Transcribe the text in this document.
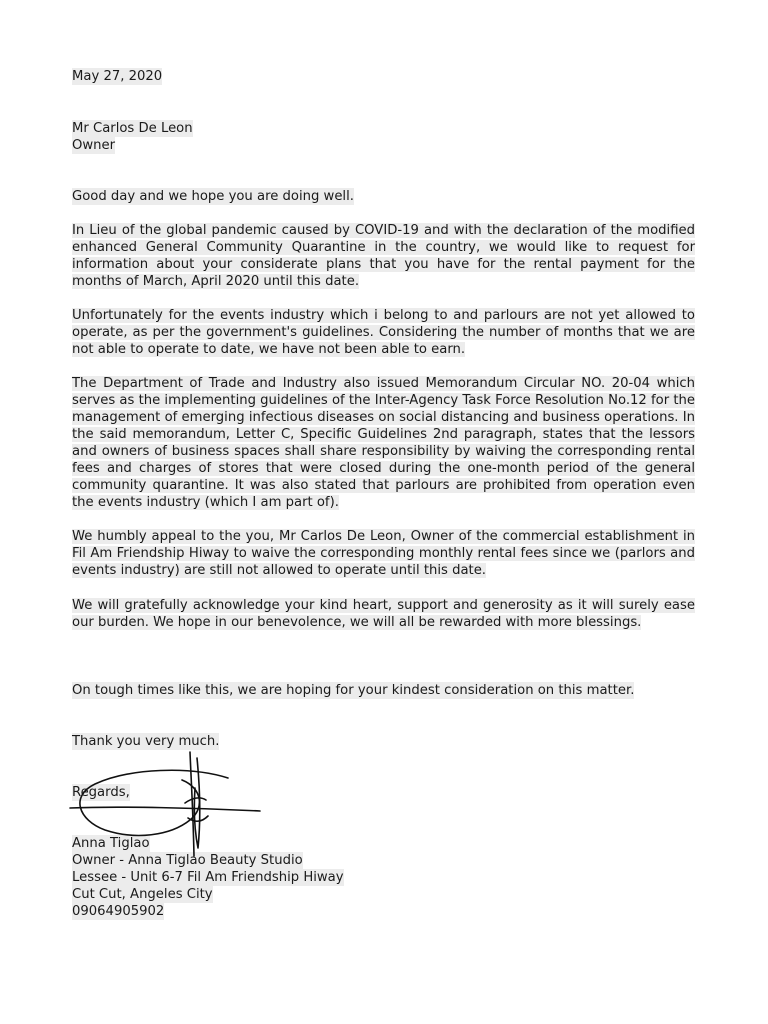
May 27, 2020
Mr Carlos De Leon
Owner
Good day and we hope you are doing well.
In Lieu of the global pandemic caused by COVID-19 and with the declaration of the modified enhanced General Community Quarantine in the country, we would like to request for information about your considerate plans that you have for the rental payment for the months of March, April 2020 until this date.
Unfortunately for the events industry which i belong to and parlours are not yet allowed to operate, as per the government's guidelines. Considering the number of months that we are not able to operate to date, we have not been able to earn.
The Department of Trade and Industry also issued Memorandum Circular NO. 20-04 which serves as the implementing guidelines of the Inter-Agency Task Force Resolution No.12 for the management of emerging infectious diseases on social distancing and business operations. In the said memorandum, Letter C, Specific Guidelines 2nd paragraph, states that the lessors and owners of business spaces shall share responsibility by waiving the corresponding rental fees and charges of stores that were closed during the one-month period of the general community quarantine. It was also stated that parlours are prohibited from operation even the events industry (which I am part of).
We humbly appeal to the you, Mr Carlos De Leon, Owner of the commercial establishment in Fil Am Friendship Hiway to waive the corresponding monthly rental fees since we (parlors and events industry) are still not allowed to operate until this date.
We will gratefully acknowledge your kind heart, support and generosity as it will surely ease our burden. We hope in our benevolence, we will all be rewarded with more blessings.
On tough times like this, we are hoping for your kindest consideration on this matter.
Thank you very much.
Regards,
Anna Tiglao
Owner - Anna Tiglao Beauty Studio
Lessee - Unit 6-7 Fil Am Friendship Hiway
Cut Cut, Angeles City
09064905902
